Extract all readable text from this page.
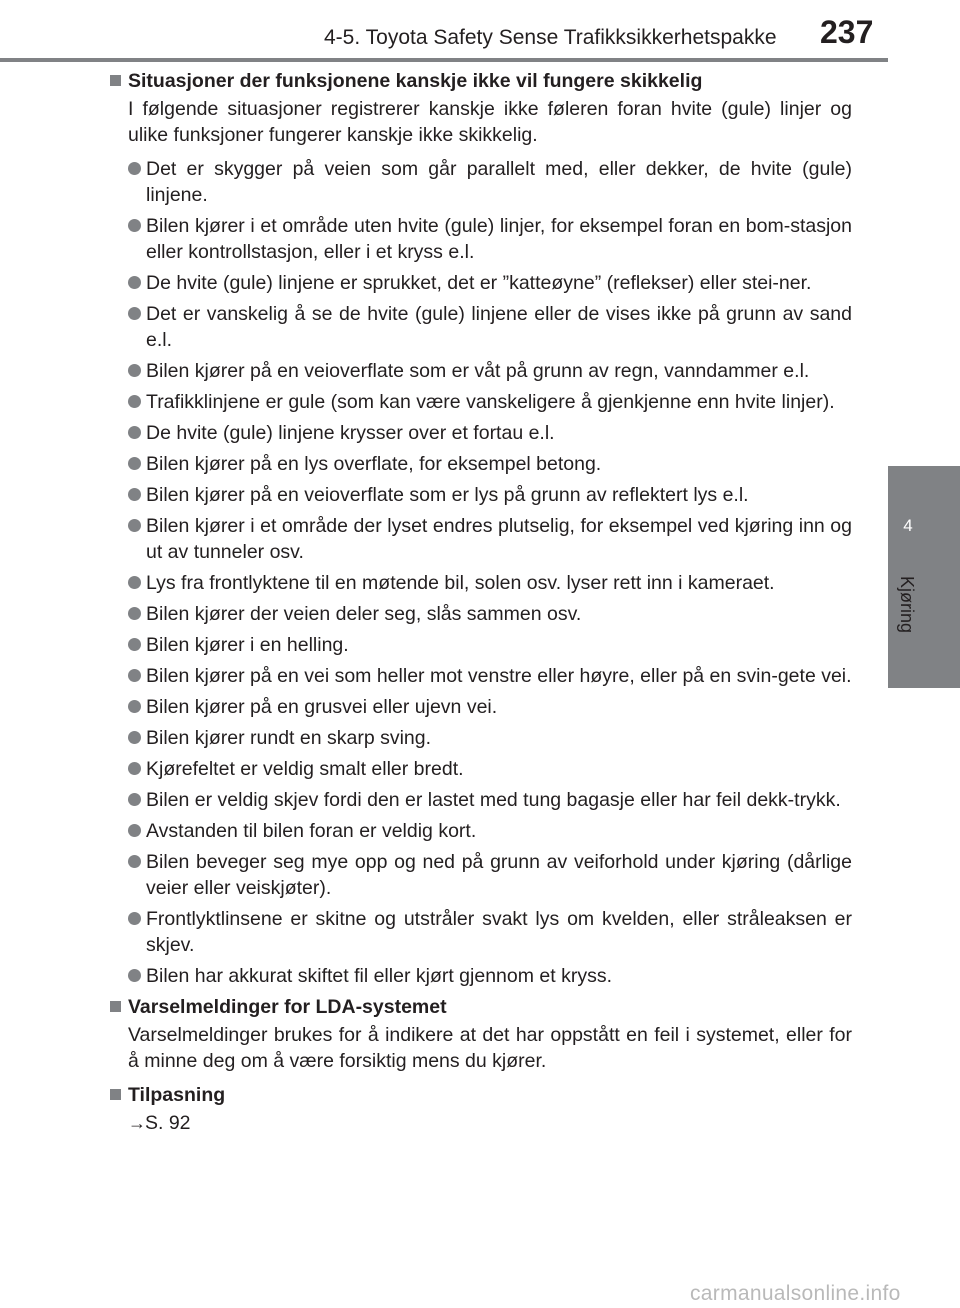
4-5. Toyota Safety Sense Trafikksikkerhetspakke 237
4
Kjøring
Situasjoner der funksjonene kanskje ikke vil fungere skikkelig
I følgende situasjoner registrerer kanskje ikke føleren foran hvite (gule) linjer og ulike funksjoner fungerer kanskje ikke skikkelig.
Det er skygger på veien som går parallelt med, eller dekker, de hvite (gule) linjene.
Bilen kjører i et område uten hvite (gule) linjer, for eksempel foran en bom-stasjon eller kontrollstasjon, eller i et kryss e.l.
De hvite (gule) linjene er sprukket, det er ”katteøyne” (reflekser) eller stei-ner.
Det er vanskelig å se de hvite (gule) linjene eller de vises ikke på grunn av sand e.l.
Bilen kjører på en veioverflate som er våt på grunn av regn, vanndammer e.l.
Trafikklinjene er gule (som kan være vanskeligere å gjenkjenne enn hvite linjer).
De hvite (gule) linjene krysser over et fortau e.l.
Bilen kjører på en lys overflate, for eksempel betong.
Bilen kjører på en veioverflate som er lys på grunn av reflektert lys e.l.
Bilen kjører i et område der lyset endres plutselig, for eksempel ved kjøring inn og ut av tunneler osv.
Lys fra frontlyktene til en møtende bil, solen osv. lyser rett inn i kameraet.
Bilen kjører der veien deler seg, slås sammen osv.
Bilen kjører i en helling.
Bilen kjører på en vei som heller mot venstre eller høyre, eller på en svin-gete vei.
Bilen kjører på en grusvei eller ujevn vei.
Bilen kjører rundt en skarp sving.
Kjørefeltet er veldig smalt eller bredt.
Bilen er veldig skjev fordi den er lastet med tung bagasje eller har feil dekk-trykk.
Avstanden til bilen foran er veldig kort.
Bilen beveger seg mye opp og ned på grunn av veiforhold under kjøring (dårlige veier eller veiskjøter).
Frontlyktlinsene er skitne og utstråler svakt lys om kvelden, eller stråleaksen er skjev.
Bilen har akkurat skiftet fil eller kjørt gjennom et kryss.
Varselmeldinger for LDA-systemet
Varselmeldinger brukes for å indikere at det har oppstått en feil i systemet, eller for å minne deg om å være forsiktig mens du kjører.
Tilpasning
→S. 92
carmanualsonline.info
